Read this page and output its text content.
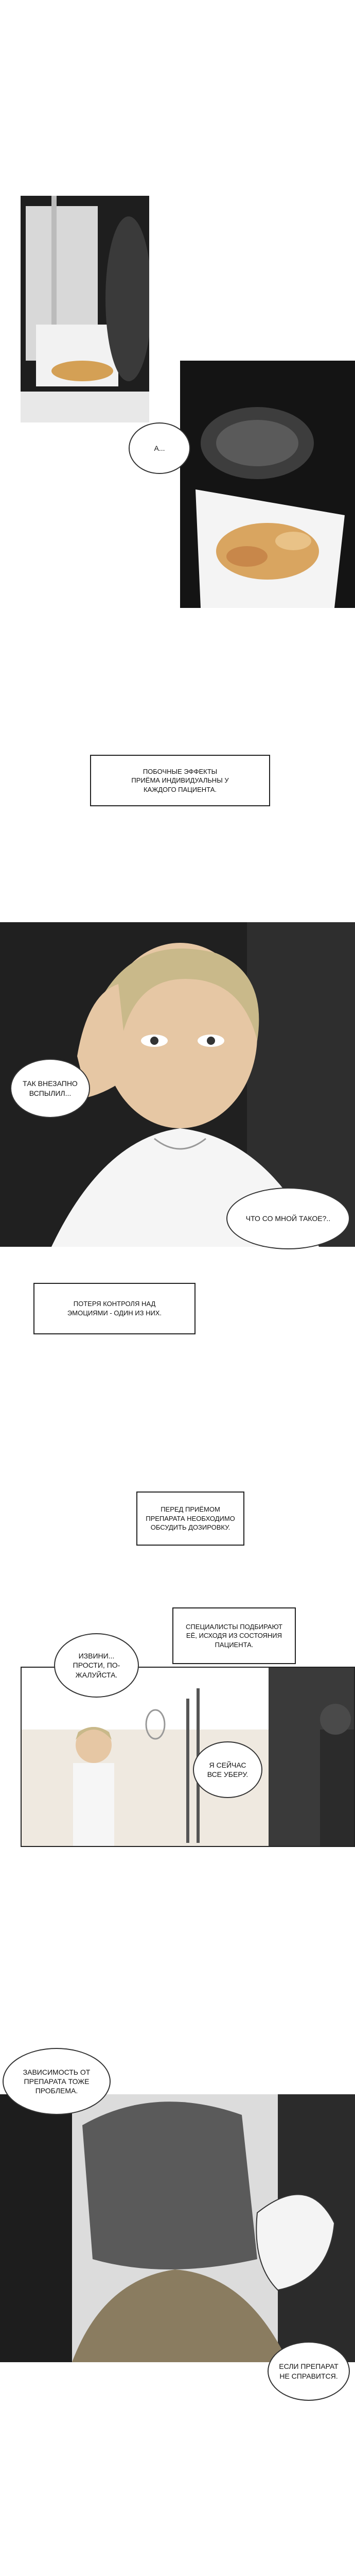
А...
ПОБОЧНЫЕ ЭФФЕКТЫ
ПРИЁМА ИНДИВИДУАЛЬНЫ У
КАЖДОГО ПАЦИЕНТА.
ТАК ВНЕЗАПНО
ВСПЫЛИЛ...
ЧТО СО МНОЙ ТАКОЕ?..
ПОТЕРЯ КОНТРОЛЯ НАД
ЭМОЦИЯМИ - ОДИН ИЗ НИХ.
ПЕРЕД ПРИЁМОМ
ПРЕПАРАТА НЕОБХОДИМО
ОБСУДИТЬ ДОЗИРОВКУ.
СПЕЦИАЛИСТЫ ПОДБИРАЮТ
ЕЁ, ИСХОДЯ ИЗ СОСТОЯНИЯ
ПАЦИЕНТА.
ИЗВИНИ...
ПРОСТИ, ПО-
ЖАЛУЙСТА.
Я СЕЙЧАС
ВСЕ УБЕРУ.
ЗАВИСИМОСТЬ ОТ
ПРЕПАРАТА ТОЖЕ
ПРОБЛЕМА.
ЕСЛИ ПРЕПАРАТ
НЕ СПРАВИТСЯ.
